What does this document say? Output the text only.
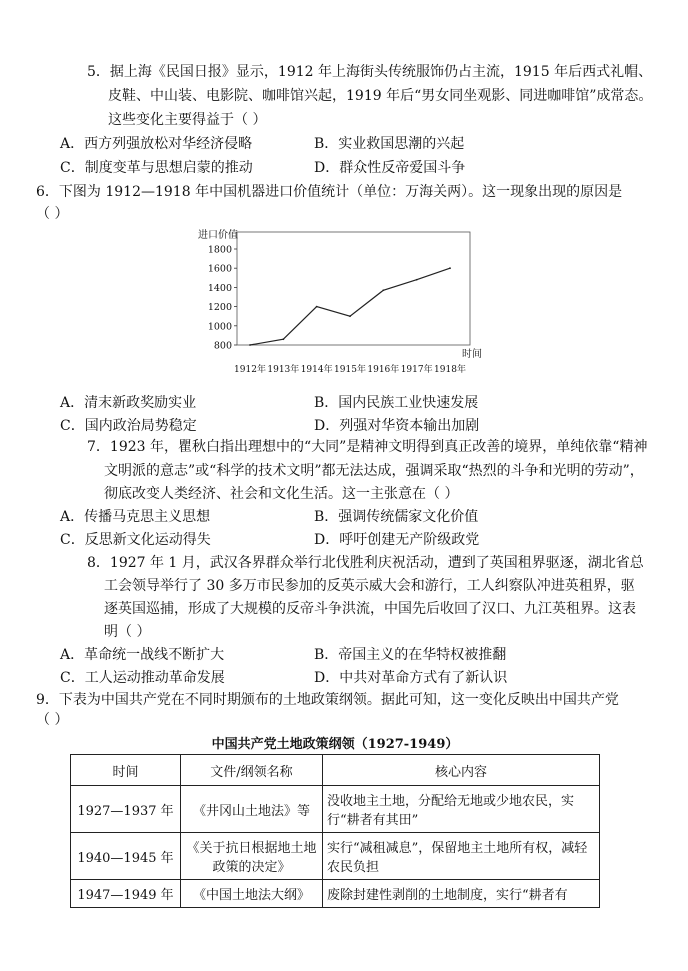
5．据上海《民国日报》显示，1912 年上海街头传统服饰仍占主流，1915 年后西式礼帽、
皮鞋、中山装、电影院、咖啡馆兴起，1919 年后“男女同坐观影、同进咖啡馆”成常态。
这些变化主要得益于（ ）
A．西方列强放松对华经济侵略	B．实业救国思潮的兴起
C．制度变革与思想启蒙的推动	D．群众性反帝爱国斗争
6．下图为 1912—1918 年中国机器进口价值统计（单位：万海关两）。这一现象出现的原因是
（ ）
800
1000
1200
1400
1600
1800
进口价值
1912年 1913年 1914年 1915年 1916年 1917年 1918年
时间
A．清末新政奖励实业	B．国内民族工业快速发展
C．国内政治局势稳定	D．列强对华资本输出加剧
7．1923 年，瞿秋白指出理想中的“大同”是精神文明得到真正改善的境界，单纯依靠“精神
文明派的意志”或“科学的技术文明”都无法达成，强调采取“热烈的斗争和光明的劳动”，
彻底改变人类经济、社会和文化生活。这一主张意在（ ）
A．传播马克思主义思想	B．强调传统儒家文化价值
C．反思新文化运动得失	D．呼吁创建无产阶级政党
8．1927 年 1 月，武汉各界群众举行北伐胜利庆祝活动，遭到了英国租界驱逐，湖北省总
工会领导举行了 30 多万市民参加的反英示威大会和游行，工人纠察队冲进英租界，驱
逐英国巡捕，形成了大规模的反帝斗争洪流，中国先后收回了汉口、九江英租界。这表
明（ ）
A．革命统一战线不断扩大	B．帝国主义的在华特权被推翻
C．工人运动推动革命发展	D．中共对革命方式有了新认识
9．下表为中国共产党在不同时期颁布的土地政策纲领。据此可知，这一变化反映出中国共产党
（ ）
中国共产党土地政策纲领（1927-1949）
时间	文件/纲领名称	核心内容
1927—1937 年	《井冈山土地法》等	没收地主土地，分配给无地或少地农民，实行“耕者有其田”
1940—1945 年	《关于抗日根据地土地政策的决定》	实行“减租减息”，保留地主土地所有权，减轻农民负担
1947—1949 年	《中国土地法大纲》	废除封建性剥削的土地制度，实行“耕者有
